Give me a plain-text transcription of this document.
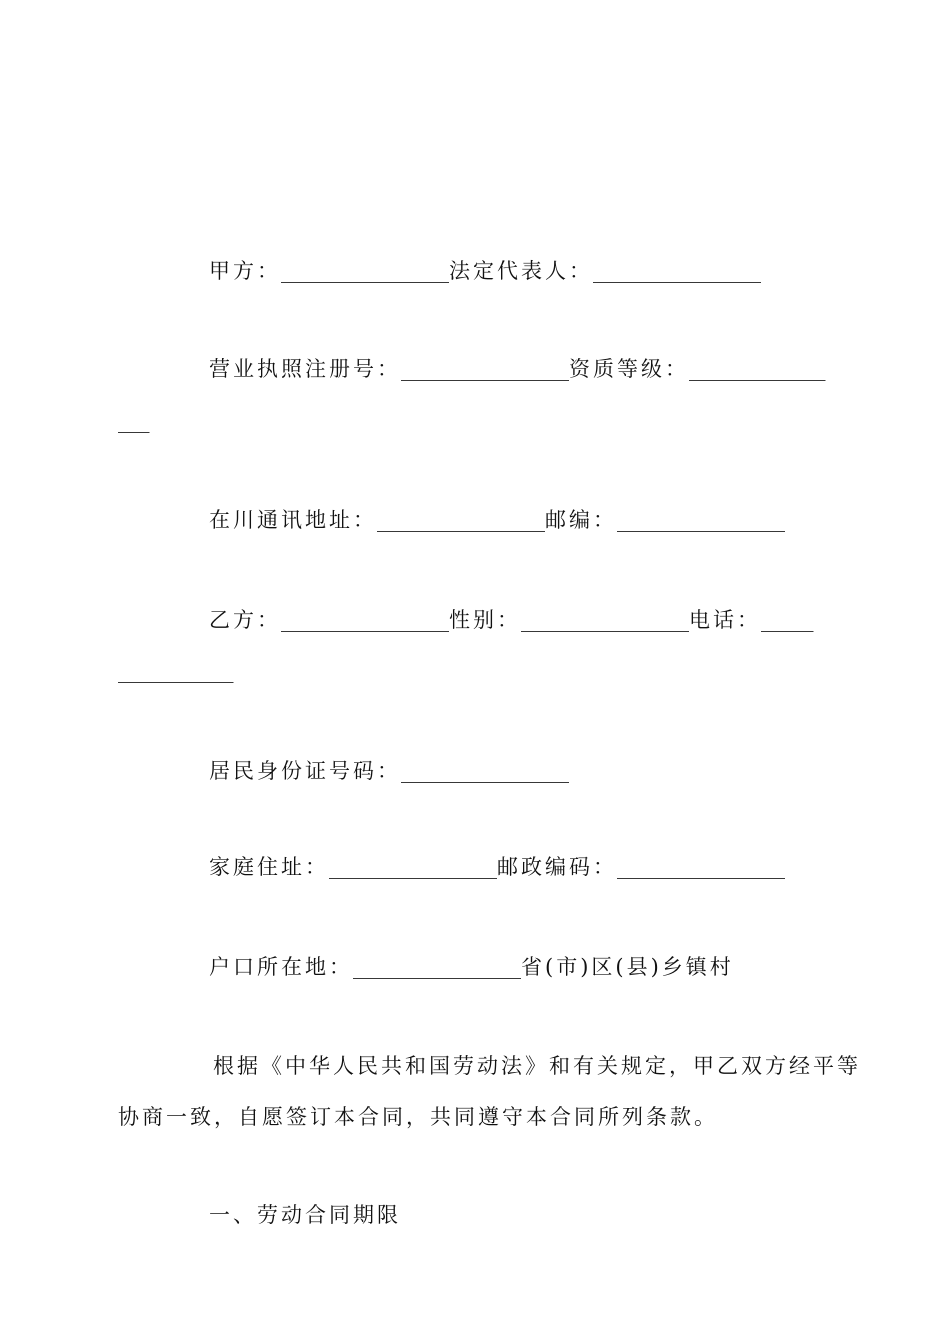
甲方：________________法定代表人：________________
营业执照注册号：________________资质等级：_____________
___
在川通讯地址：________________邮编：________________
乙方：________________性别：________________电话：_____
___________
居民身份证号码：________________
家庭住址：________________邮政编码：________________
户口所在地：________________省(市)区(县)乡镇村
根据《中华人民共和国劳动法》和有关规定，甲乙双方经平等
协商一致，自愿签订本合同，共同遵守本合同所列条款。
一、劳动合同期限
